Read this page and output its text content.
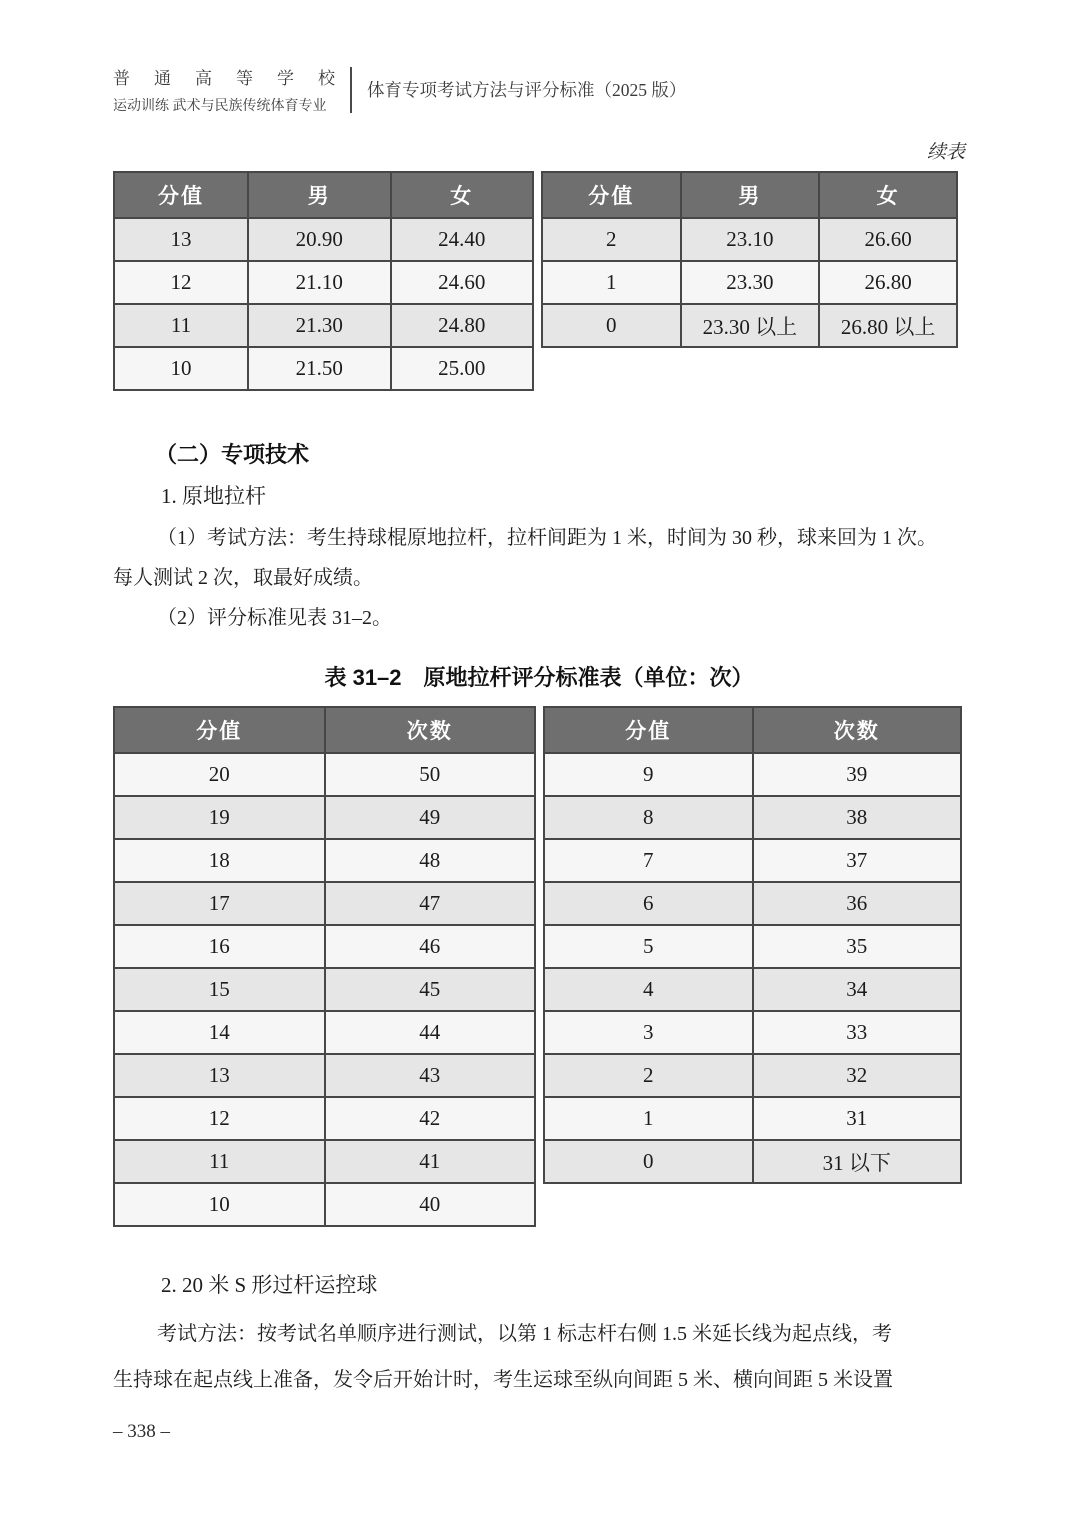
普通高等学校
运动训练 武术与民族传统体育专业
体育专项考试方法与评分标准（2025 版）
续表
分值	男	女
13	20.90	24.40
12	21.10	24.60
11	21.30	24.80
10	21.50	25.00
分值	男	女
2	23.10	26.60
1	23.30	26.80
0	23.30 以上	26.80 以上
（二）专项技术
1. 原地拉杆
（1）考试方法：考生持球棍原地拉杆，拉杆间距为 1 米，时间为 30 秒，球来回为 1 次。
每人测试 2 次，取最好成绩。
（2）评分标准见表 31–2。
表 31–2　原地拉杆评分标准表（单位：次）
分值	次数
20	50
19	49
18	48
17	47
16	46
15	45
14	44
13	43
12	42
11	41
10	40
分值	次数
9	39
8	38
7	37
6	36
5	35
4	34
3	33
2	32
1	31
0	31 以下
2. 20 米 S 形过杆运控球
考试方法：按考试名单顺序进行测试，以第 1 标志杆右侧 1.5 米延长线为起点线，考
生持球在起点线上准备，发令后开始计时，考生运球至纵向间距 5 米、横向间距 5 米设置
– 338 –
